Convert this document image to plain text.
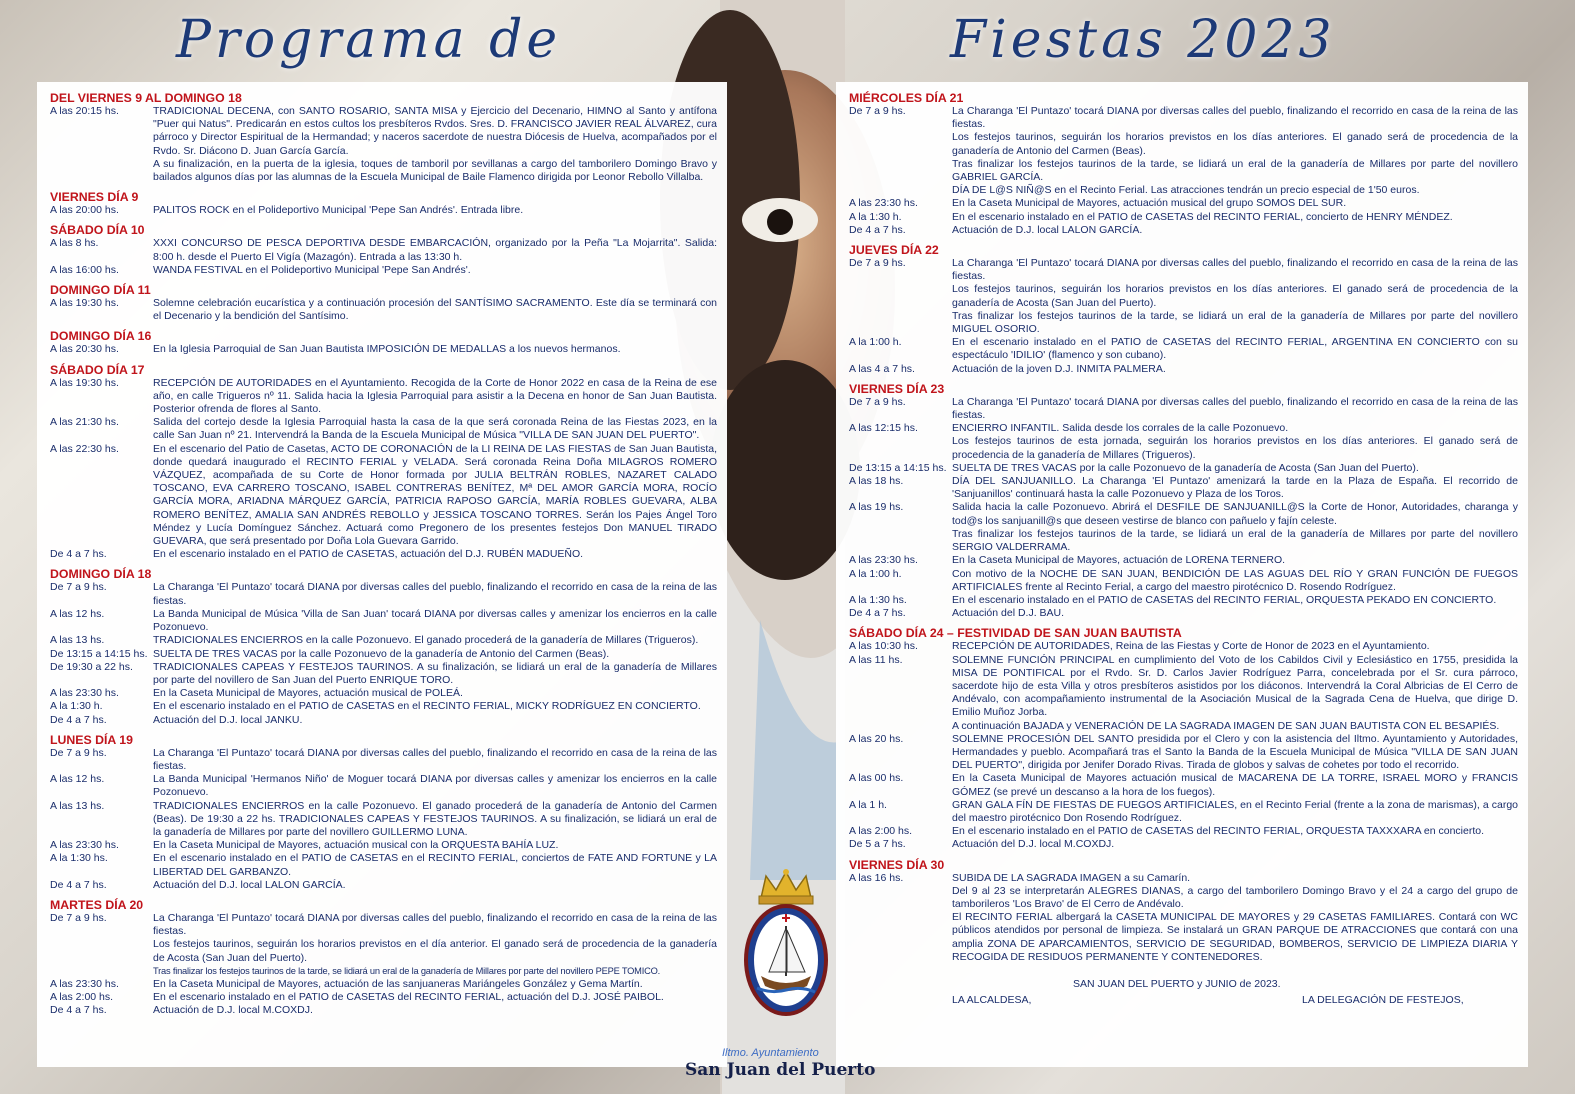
Programa de	Fiestas 2023
DEL VIERNES 9 AL DOMINGO 18
A las 20:15 hs.	TRADICIONAL DECENA, con SANTO ROSARIO, SANTA MISA y Ejercicio del Decenario, HIMNO al Santo y antífona "Puer qui Natus". Predicarán en estos cultos los presbíteros Rvdos. Sres. D. FRANCISCO JAVIER REAL ÁLVAREZ, cura párroco y Director Espiritual de la Hermandad; y naceros sacerdote de nuestra Diócesis de Huelva, acompañados por el Rvdo. Sr. Diácono D. Juan García García.
A su finalización, en la puerta de la iglesia, toques de tamboril por sevillanas a cargo del tamborilero Domingo Bravo y bailados algunos días por las alumnas de la Escuela Municipal de Baile Flamenco dirigida por Leonor Rebollo Villalba.
VIERNES DÍA 9
A las 20:00 hs.	PALITOS ROCK en el Polideportivo Municipal 'Pepe San Andrés'. Entrada libre.
SÁBADO DÍA 10
A las 8 hs.	XXXI CONCURSO DE PESCA DEPORTIVA DESDE EMBARCACIÓN, organizado por la Peña "La Mojarrita". Salida: 8:00 h. desde el Puerto El Vigía (Mazagón). Entrada a las 13:30 h.
A las 16:00 hs.	WANDA FESTIVAL en el Polideportivo Municipal 'Pepe San Andrés'.
DOMINGO DÍA 11
A las 19:30 hs.	Solemne celebración eucarística y a continuación procesión del SANTÍSIMO SACRAMENTO. Este día se terminará con el Decenario y la bendición del Santísimo.
DOMINGO DÍA 16
A las 20:30 hs.	En la Iglesia Parroquial de San Juan Bautista IMPOSICIÓN DE MEDALLAS a los nuevos hermanos.
SÁBADO DÍA 17
A las 19:30 hs.	RECEPCIÓN DE AUTORIDADES en el Ayuntamiento. Recogida de la Corte de Honor 2022 en casa de la Reina de ese año, en calle Trigueros nº 11. Salida hacia la Iglesia Parroquial para asistir a la Decena en honor de San Juan Bautista. Posterior ofrenda de flores al Santo.
A las 21:30 hs.	Salida del cortejo desde la Iglesia Parroquial hasta la casa de la que será coronada Reina de las Fiestas 2023, en la calle San Juan nº 21. Intervendrá la Banda de la Escuela Municipal de Música "VILLA DE SAN JUAN DEL PUERTO".
A las 22:30 hs.	En el escenario del Patio de Casetas, ACTO DE CORONACIÓN de la LI REINA DE LAS FIESTAS de San Juan Bautista, donde quedará inaugurado el RECINTO FERIAL y VELADA. Será coronada Reina Doña MILAGROS ROMERO VÁZQUEZ, acompañada de su Corte de Honor formada por JULIA BELTRÁN ROBLES, NAZARET CALADO TOSCANO, EVA CARRERO TOSCANO, ISABEL CONTRERAS BENÍTEZ, Mª DEL AMOR GARCÍA MORA, ROCÍO GARCÍA MORA, ARIADNA MÁRQUEZ GARCÍA, PATRICIA RAPOSO GARCÍA, MARÍA ROBLES GUEVARA, ALBA ROMERO BENÍTEZ, AMALIA SAN ANDRÉS REBOLLO y JESSICA TOSCANO TORRES. Serán los Pajes Ángel Toro Méndez y Lucía Domínguez Sánchez. Actuará como Pregonero de los presentes festejos Don MANUEL TIRADO GUEVARA, que será presentado por Doña Lola Guevara Garrido.
De 4 a 7 hs.	En el escenario instalado en el PATIO de CASETAS, actuación del D.J. RUBÉN MADUEÑO.
DOMINGO DÍA 18
De 7 a 9 hs.	La Charanga 'El Puntazo' tocará DIANA por diversas calles del pueblo, finalizando el recorrido en casa de la reina de las fiestas.
A las 12 hs.	La Banda Municipal de Música 'Villa de San Juan' tocará DIANA por diversas calles y amenizar los encierros en la calle Pozonuevo.
A las 13 hs.	TRADICIONALES ENCIERROS en la calle Pozonuevo. El ganado procederá de la ganadería de Millares (Trigueros).
De 13:15 a 14:15 hs. SUELTA DE TRES VACAS por la calle Pozonuevo de la ganadería de Antonio del Carmen (Beas).
De 19:30 a 22 hs.	TRADICIONALES CAPEAS Y FESTEJOS TAURINOS. A su finalización, se lidiará un eral de la ganadería de Millares por parte del novillero de San Juan del Puerto ENRIQUE TORO.
A las 23:30 hs.	En la Caseta Municipal de Mayores, actuación musical de POLEÁ.
A la 1:30 h.	En el escenario instalado en el PATIO de CASETAS en el RECINTO FERIAL, MICKY RODRÍGUEZ EN CONCIERTO.
De 4 a 7 hs.	Actuación del D.J. local JANKU.
LUNES DÍA 19
De 7 a 9 hs.	La Charanga 'El Puntazo' tocará DIANA por diversas calles del pueblo, finalizando el recorrido en casa de la reina de las fiestas.
A las 12 hs.	La Banda Municipal 'Hermanos Niño' de Moguer tocará DIANA por diversas calles y amenizar los encierros en la calle Pozonuevo.
A las 13 hs.	TRADICIONALES ENCIERROS en la calle Pozonuevo. El ganado procederá de la ganadería de Antonio del Carmen (Beas). De 19:30 a 22 hs. TRADICIONALES CAPEAS Y FESTEJOS TAURINOS. A su finalización, se lidiará un eral de la ganadería de Millares por parte del novillero GUILLERMO LUNA.
A las 23:30 hs.	En la Caseta Municipal de Mayores, actuación musical con la ORQUESTA BAHÍA LUZ.
A la 1:30 hs.	En el escenario instalado en el PATIO de CASETAS en el RECINTO FERIAL, conciertos de FATE AND FORTUNE y LA LIBERTAD DEL GARBANZO.
De 4 a 7 hs.	Actuación del D.J. local LALON GARCÍA.
MARTES DÍA 20
De 7 a 9 hs.	La Charanga 'El Puntazo' tocará DIANA por diversas calles del pueblo, finalizando el recorrido en casa de la reina de las fiestas.
Los festejos taurinos, seguirán los horarios previstos en el día anterior. El ganado será de procedencia de la ganadería de Acosta (San Juan del Puerto).
Tras finalizar los festejos taurinos de la tarde, se lidiará un eral de la ganadería de Millares por parte del novillero PEPE TOMICO.
A las 23:30 hs.	En la Caseta Municipal de Mayores, actuación de las sanjuaneras Mariángeles González y Gema Martín.
A las 2:00 hs.	En el escenario instalado en el PATIO de CASETAS del RECINTO FERIAL, actuación del D.J. JOSÉ PAIBOL.
De 4 a 7 hs.	Actuación de D.J. local M.COXDJ.
MIÉRCOLES DÍA 21
De 7 a 9 hs.	La Charanga 'El Puntazo' tocará DIANA por diversas calles del pueblo, finalizando el recorrido en casa de la reina de las fiestas.
Los festejos taurinos, seguirán los horarios previstos en los días anteriores. El ganado será de procedencia de la ganadería de Antonio del Carmen (Beas).
Tras finalizar los festejos taurinos de la tarde, se lidiará un eral de la ganadería de Millares por parte del novillero GABRIEL GARCÍA.
DÍA DE L@S NIÑ@S en el Recinto Ferial. Las atracciones tendrán un precio especial de 1'50 euros.
A las 23:30 hs.	En la Caseta Municipal de Mayores, actuación musical del grupo SOMOS DEL SUR.
A la 1:30 h.	En el escenario instalado en el PATIO de CASETAS del RECINTO FERIAL, concierto de HENRY MÉNDEZ.
De 4 a 7 hs.	Actuación de D.J. local LALON GARCÍA.
JUEVES DÍA 22
De 7 a 9 hs.	La Charanga 'El Puntazo' tocará DIANA por diversas calles del pueblo, finalizando el recorrido en casa de la reina de las fiestas.
Los festejos taurinos, seguirán los horarios previstos en los días anteriores. El ganado será de procedencia de la ganadería de Acosta (San Juan del Puerto).
Tras finalizar los festejos taurinos de la tarde, se lidiará un eral de la ganadería de Millares por parte del novillero MIGUEL OSORIO.
A la 1:00 h.	En el escenario instalado en el PATIO de CASETAS del RECINTO FERIAL, ARGENTINA EN CONCIERTO con su espectáculo 'IDILIO' (flamenco y son cubano).
A las 4 a 7 hs.	Actuación de la joven D.J. INMITA PALMERA.
VIERNES DÍA 23
De 7 a 9 hs.	La Charanga 'El Puntazo' tocará DIANA por diversas calles del pueblo, finalizando el recorrido en casa de la reina de las fiestas.
A las 12:15 hs.	ENCIERRO INFANTIL. Salida desde los corrales de la calle Pozonuevo.
Los festejos taurinos de esta jornada, seguirán los horarios previstos en los días anteriores. El ganado será de procedencia de la ganadería de Millares (Trigueros).
De 13:15 a 14:15 hs. SUELTA DE TRES VACAS por la calle Pozonuevo de la ganadería de Acosta (San Juan del Puerto).
A las 18 hs.	DÍA DEL SANJUANILLO. La Charanga 'El Puntazo' amenizará la tarde en la Plaza de España. El recorrido de 'Sanjuanillos' continuará hasta la calle Pozonuevo y Plaza de los Toros.
A las 19 hs.	Salida hacia la calle Pozonuevo. Abrirá el DESFILE DE SANJUANILL@S la Corte de Honor, Autoridades, charanga y tod@s los sanjuanill@s que deseen vestirse de blanco con pañuelo y fajín celeste.
Tras finalizar los festejos taurinos de la tarde, se lidiará un eral de la ganadería de Millares por parte del novillero SERGIO VALDERRAMA.
A las 23:30 hs.	En la Caseta Municipal de Mayores, actuación de LORENA TERNERO.
A la 1:00 h.	Con motivo de la NOCHE DE SAN JUAN, BENDICIÓN DE LAS AGUAS DEL RÍO Y GRAN FUNCIÓN DE FUEGOS ARTIFICIALES frente al Recinto Ferial, a cargo del maestro pirotécnico D. Rosendo Rodríguez.
A la 1:30 hs.	En el escenario instalado en el PATIO de CASETAS del RECINTO FERIAL, ORQUESTA PEKADO EN CONCIERTO.
De 4 a 7 hs.	Actuación del D.J. BAU.
SÁBADO DÍA 24 – FESTIVIDAD DE SAN JUAN BAUTISTA
A las 10:30 hs.	RECEPCIÓN DE AUTORIDADES, Reina de las Fiestas y Corte de Honor de 2023 en el Ayuntamiento.
A las 11 hs.	SOLEMNE FUNCIÓN PRINCIPAL en cumplimiento del Voto de los Cabildos Civil y Eclesiástico en 1755, presidida la MISA DE PONTIFICAL por el Rvdo. Sr. D. Carlos Javier Rodríguez Parra, concelebrada por el Sr. cura párroco, sacerdote hijo de esta Villa y otros presbíteros asistidos por los diáconos. Intervendrá la Coral Albricias de El Cerro de Andévalo, con acompañamiento instrumental de la Asociación Musical de la Sagrada Cena de Huelva, que dirige D. Emilio Muñoz Jorba.
A continuación BAJADA y VENERACIÓN DE LA SAGRADA IMAGEN DE SAN JUAN BAUTISTA CON EL BESAPIÉS.
A las 20 hs.	SOLEMNE PROCESIÓN DEL SANTO presidida por el Clero y con la asistencia del Iltmo. Ayuntamiento y Autoridades, Hermandades y pueblo. Acompañará tras el Santo la Banda de la Escuela Municipal de Música "VILLA DE SAN JUAN DEL PUERTO", dirigida por Jenifer Dorado Rivas. Tirada de globos y salvas de cohetes por todo el recorrido.
A las 00 hs.	En la Caseta Municipal de Mayores actuación musical de MACARENA DE LA TORRE, ISRAEL MORO y FRANCIS GÓMEZ (se prevé un descanso a la hora de los fuegos).
A la 1 h.	GRAN GALA FÍN DE FIESTAS DE FUEGOS ARTIFICIALES, en el Recinto Ferial (frente a la zona de marismas), a cargo del maestro pirotécnico Don Rosendo Rodríguez.
A las 2:00 hs.	En el escenario instalado en el PATIO de CASETAS del RECINTO FERIAL, ORQUESTA TAXXXARA en concierto.
De 5 a 7 hs.	Actuación del D.J. local M.COXDJ.
VIERNES DÍA 30
A las 16 hs.	SUBIDA DE LA SAGRADA IMAGEN a su Camarín.
Del 9 al 23 se interpretarán ALEGRES DIANAS, a cargo del tamborilero Domingo Bravo y el 24 a cargo del grupo de tamborileros 'Los Bravo' de El Cerro de Andévalo.
El RECINTO FERIAL albergará la CASETA MUNICIPAL DE MAYORES y 29 CASETAS FAMILIARES. Contará con WC públicos atendidos por personal de limpieza. Se instalará un GRAN PARQUE DE ATRACCIONES que contará con una amplia ZONA DE APARCAMIENTOS, SERVICIO DE SEGURIDAD, BOMBEROS, SERVICIO DE LIMPIEZA DIARIA Y RECOGIDA DE RESIDUOS PERMANENTE Y CONTENEDORES.
SAN JUAN DEL PUERTO y JUNIO de 2023.
LA ALCALDESA,	LA DELEGACIÓN DE FESTEJOS,
Iltmo. Ayuntamiento
San Juan del Puerto
